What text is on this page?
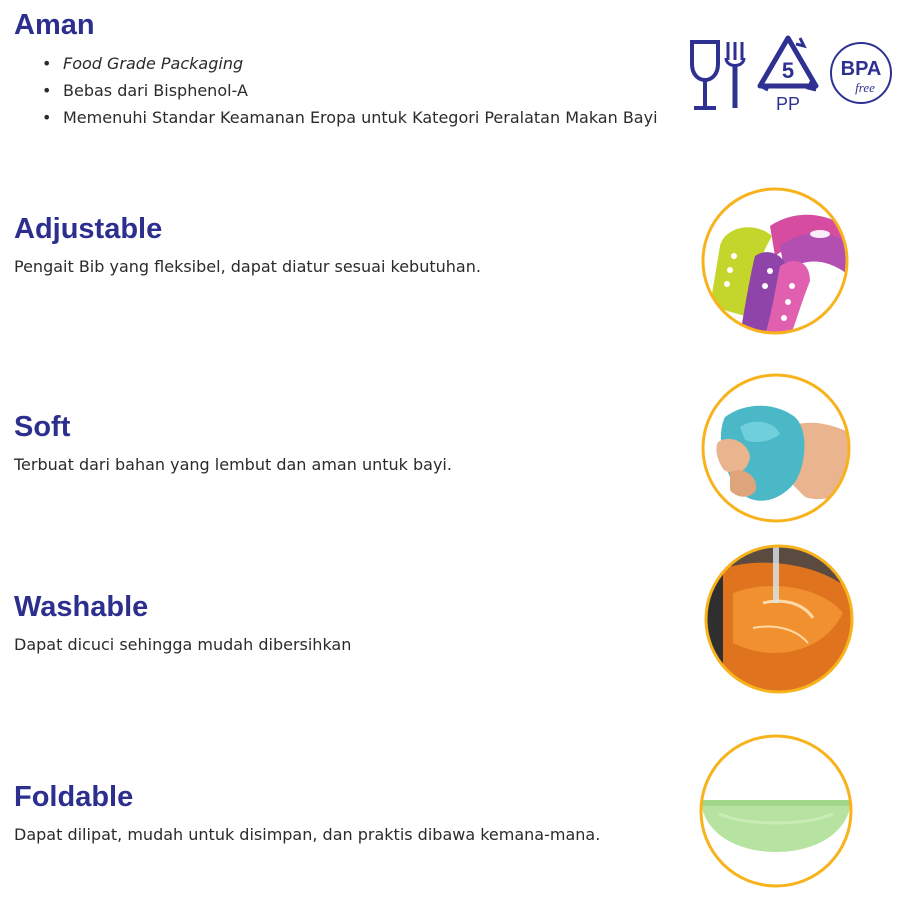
Aman
• Food Grade Packaging
• Bebas dari Bisphenol-A
• Memenuhi Standar Keamanan Eropa untuk Kategori Peralatan Makan Bayi
5
PP
BPA
free
Adjustable
Pengait Bib yang fleksibel, dapat diatur sesuai kebutuhan.
Soft
Terbuat dari bahan yang lembut dan aman untuk bayi.
Washable
Dapat dicuci sehingga mudah dibersihkan
Foldable
Dapat dilipat, mudah untuk disimpan, dan praktis dibawa kemana-mana.
